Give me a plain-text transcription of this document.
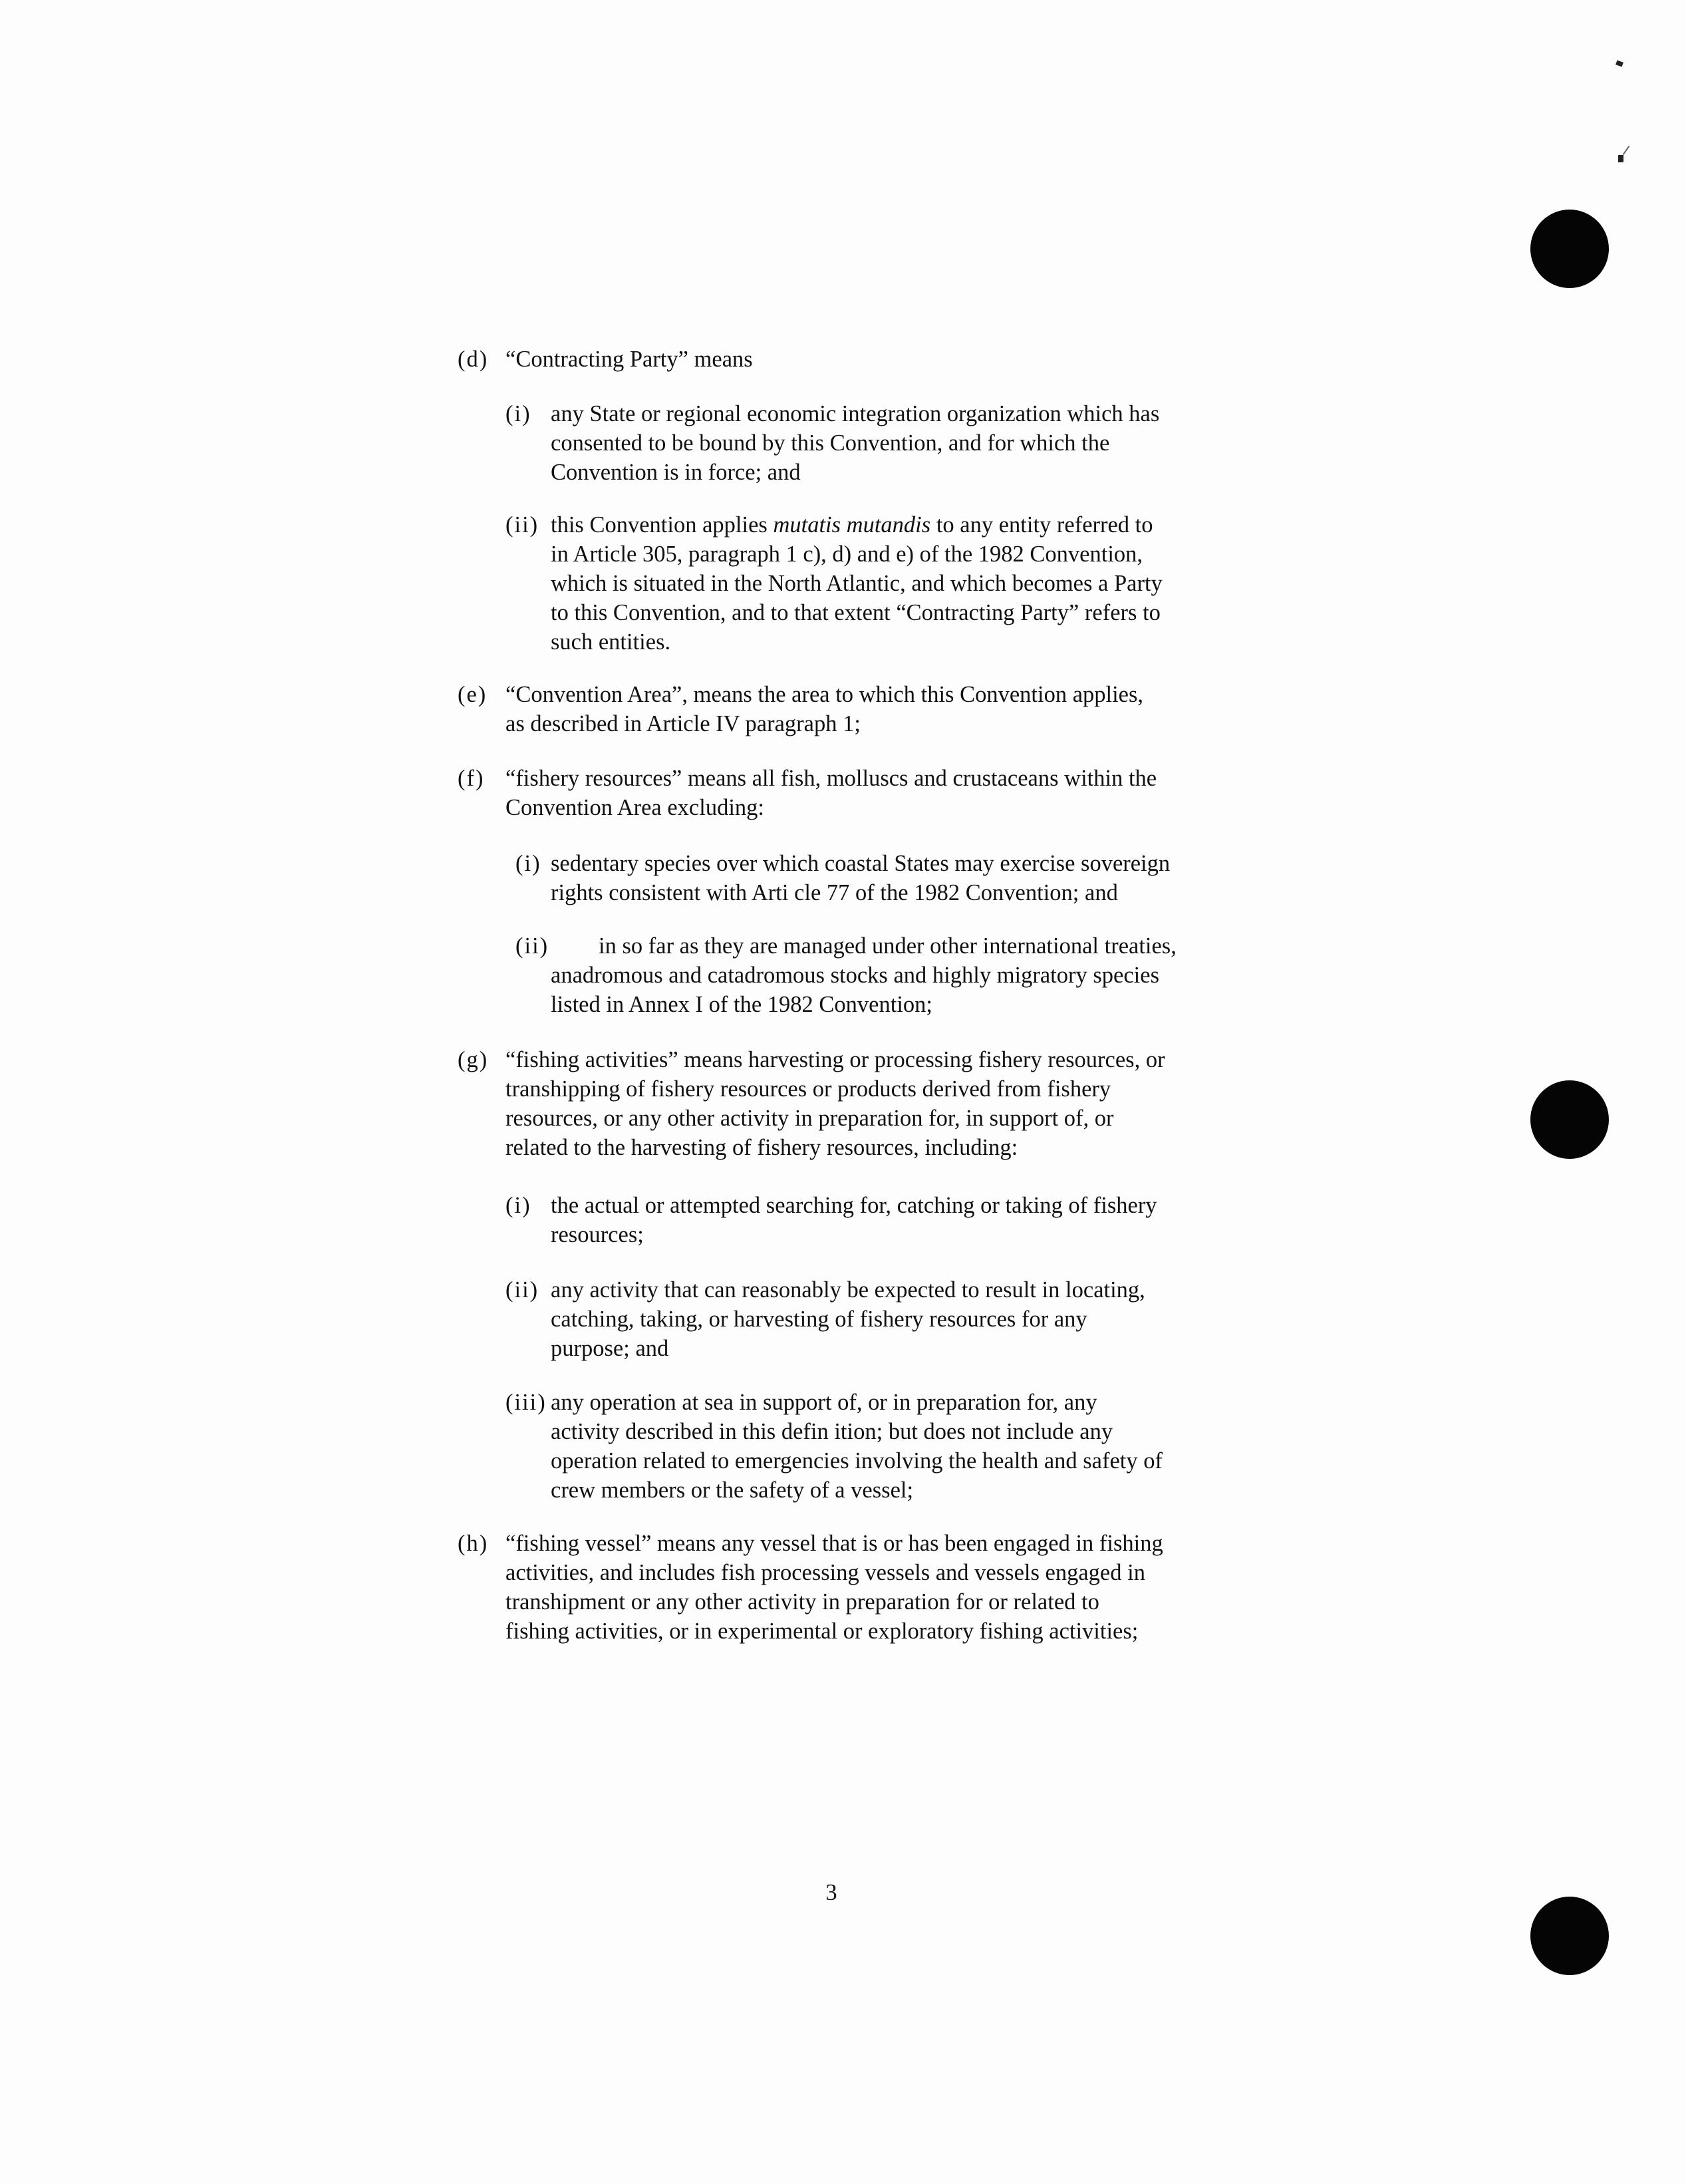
(d) “Contracting Party” means
(i) any State or regional economic integration organization which has
consented to be bound by this Convention, and for which the
Convention is in force; and
(ii) this Convention applies mutatis mutandis to any entity referred to
in Article 305, paragraph 1 c), d) and e) of the 1982 Convention,
which is situated in the North Atlantic, and which becomes a Party
to this Convention, and to that extent “Contracting Party” refers to
such entities.
(e) “Convention Area”, means the area to which this Convention applies,
as described in Article IV paragraph 1;
(f) “fishery resources” means all fish, molluscs and crustaceans within the
Convention Area excluding:
(i) sedentary species over which coastal States may exercise sovereign
rights consistent with Arti cle 77 of the 1982 Convention; and
(ii)	in so far as they are managed under other international treaties,
anadromous and catadromous stocks and highly migratory species
listed in Annex I of the 1982 Convention;
(g) “fishing activities” means harvesting or processing fishery resources, or
transhipping of fishery resources or products derived from fishery
resources, or any other activity in preparation for, in support of, or
related to the harvesting of fishery resources, including:
(i) the actual or attempted searching for, catching or taking of fishery
resources;
(ii) any activity that can reasonably be expected to result in locating,
catching, taking, or harvesting of fishery resources for any
purpose; and
(iii) any operation at sea in support of, or in preparation for, any
activity described in this defin ition; but does not include any
operation related to emergencies involving the health and safety of
crew members or the safety of a vessel;
(h) “fishing vessel” means any vessel that is or has been engaged in fishing
activities, and includes fish processing vessels and vessels engaged in
transhipment or any other activity in preparation for or related to
fishing activities, or in experimental or exploratory fishing activities;
3
